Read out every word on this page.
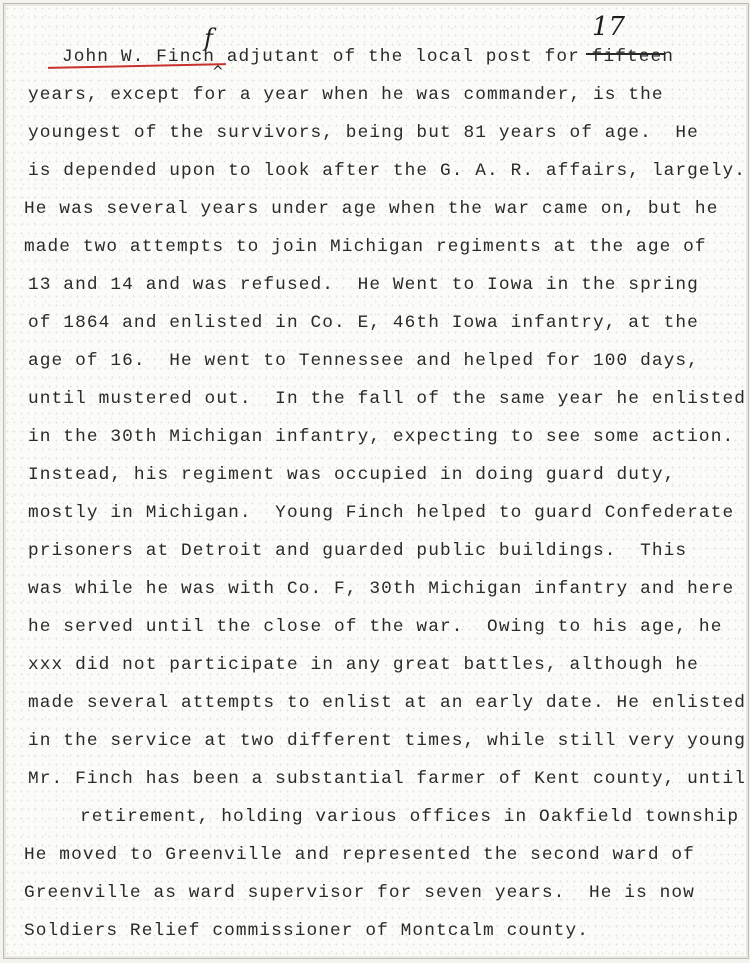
17
f
^
John W. Finch adjutant of the local post for fifteen
years, except for a year when he was commander, is the
youngest of the survivors, being but 81 years of age.  He
is depended upon to look after the G. A. R. affairs, largely.
He was several years under age when the war came on, but he
made two attempts to join Michigan regiments at the age of
13 and 14 and was refused.  He Went to Iowa in the spring
of 1864 and enlisted in Co. E, 46th Iowa infantry, at the
age of 16.  He went to Tennessee and helped for 100 days,
until mustered out.  In the fall of the same year he enlisted
in the 30th Michigan infantry, expecting to see some action.
Instead, his regiment was occupied in doing guard duty,
mostly in Michigan.  Young Finch helped to guard Confederate
prisoners at Detroit and guarded public buildings.  This
was while he was with Co. F, 30th Michigan infantry and here
he served until the close of the war.  Owing to his age, he
xxx did not participate in any great battles, although he
made several attempts to enlist at an early date. He enlisted
in the service at two different times, while still very young
Mr. Finch has been a substantial farmer of Kent county, until
retirement, holding various offices in Oakfield township
He moved to Greenville and represented the second ward of
Greenville as ward supervisor for seven years.  He is now
Soldiers Relief commissioner of Montcalm county.
